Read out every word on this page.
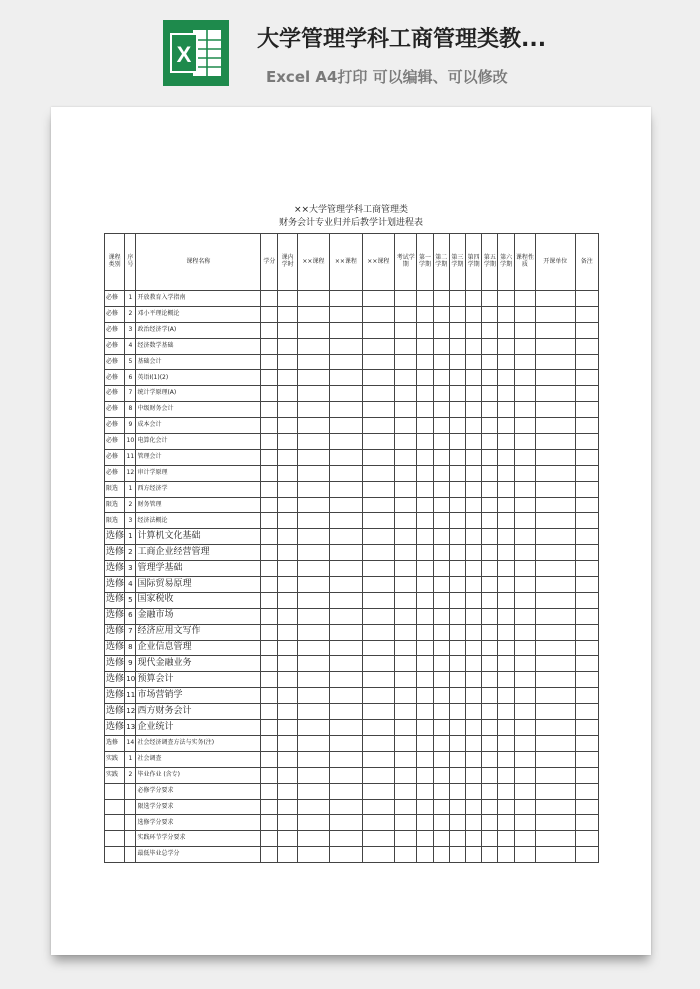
X
大学管理学科工商管理类教...
Excel A4打印 可以编辑、可以修改
××大学管理学科工商管理类
财务会计专业归并后教学计划进程表
课程类别	序号	课程名称	学分	课内学时	××课程	××课程	××课程	考试学期	第一学期	第二学期	第三学期	第四学期	第五学期	第六学期	课程性质	开课单位	备注
必修	1	开放教育入学指南															
必修	2	邓小平理论概论															
必修	3	政治经济学(A)															
必修	4	经济数学基础															
必修	5	基础会计															
必修	6	英语Ⅰ(1)(2)															
必修	7	统计学原理(A)															
必修	8	中级财务会计															
必修	9	成本会计															
必修	10	电算化会计															
必修	11	管理会计															
必修	12	审计学原理															
限选	1	西方经济学															
限选	2	财务管理															
限选	3	经济法概论															
选修	1	计算机文化基础															
选修	2	工商企业经营管理															
选修	3	管理学基础															
选修	4	国际贸易原理															
选修	5	国家税收															
选修	6	金融市场															
选修	7	经济应用文写作															
选修	8	企业信息管理															
选修	9	现代金融业务															
选修	10	预算会计															
选修	11	市场营销学															
选修	12	西方财务会计															
选修	13	企业统计															
选修	14	社会经济调查方法与实务(注)															
实践	1	社会调查															
实践	2	毕业作业 (含专)															
		必修学分要求															
		限选学分要求															
		选修学分要求															
		实践环节学分要求															
		最低毕业总学分															
